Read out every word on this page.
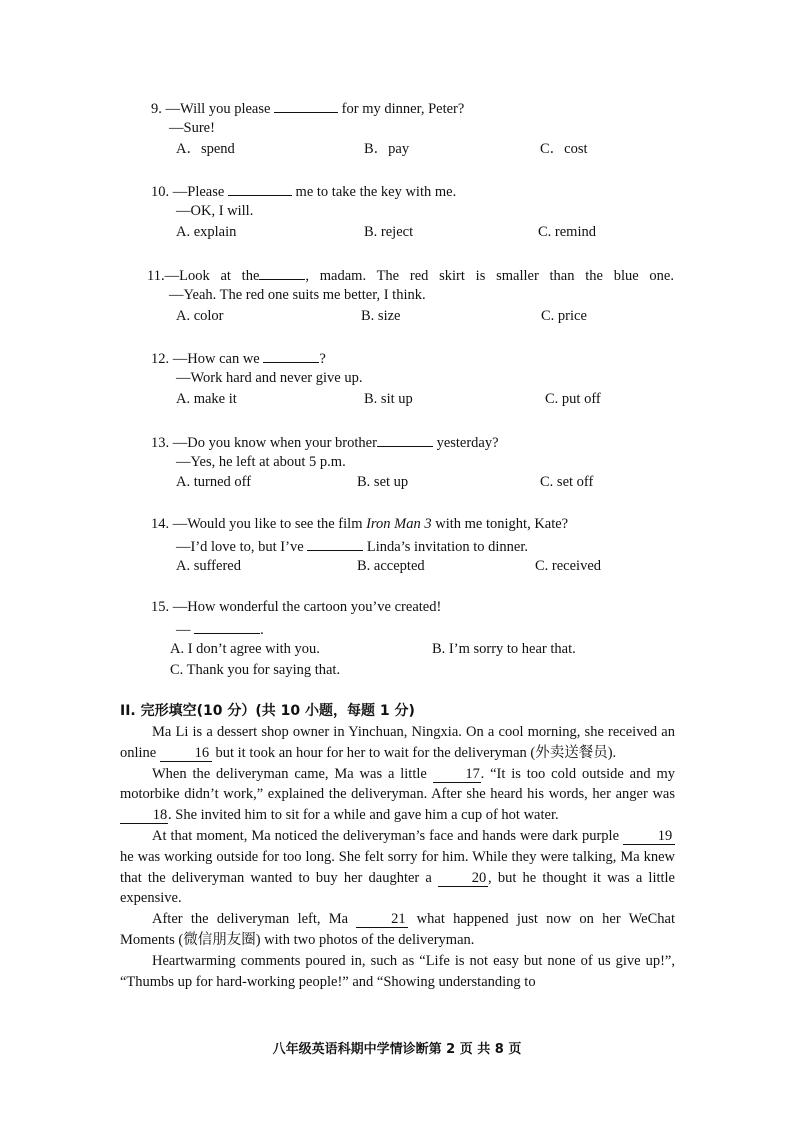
9. —Will you please	for my dinner, Peter?
—Sure!
A．spend	B．pay	C．cost
10. —Please	me to take the key with me.
—OK, I will.
A. explain	B. reject	C. remind
11.—Look at the	, madam. The red skirt is smaller than the blue one.
—Yeah. The red one suits me better, I think.
A. color	B. size	C. price
12. —How can we	?
—Work hard and never give up.
A. make it	B. sit up	C. put off
13. —Do you know when your brother	yesterday?
—Yes, he left at about 5 p.m.
A. turned off	B. set up	C. set off
14. —Would you like to see the film Iron Man 3 with me tonight, Kate?
—I’d love to, but I’ve	Linda’s invitation to dinner.
A. suffered	B. accepted	C. received
15. —How wonderful the cartoon you’ve created!
—	.
A. I don’t agree with you.	B. I’m sorry to hear that.
C. Thank you for saying that.
II. 完形填空(10 分）(共 10 小题，每题 1 分)

Ma Li is a dessert shop owner in Yinchuan, Ningxia. On a cool morning, she received an online	16 but it took an hour for her to wait for the deliveryman (外卖送餐员).

When the deliveryman came, Ma was a little	17. “It is too cold outside and my motorbike didn’t work,” explained the deliveryman. After she heard his words, her anger was 18. She invited him to sit for a while and gave him a cup of hot water.

At that moment, Ma noticed the deliveryman’s face and hands were dark purple	19 he was working outside for too long. She felt sorry for him. While they were talking, Ma knew that the deliveryman wanted to buy her daughter a	20 , but he thought it was a little expensive.

After the deliveryman left, Ma	21 what happened just now on her WeChat Moments (微信朋友圈) with two photos of the deliveryman.

Heartwarming comments poured in, such as “Life is not easy but none of us give up!”, “Thumbs up for hard-working people!” and “Showing understanding to

八年级英语科期中学情诊断第 2 页 共 8 页
